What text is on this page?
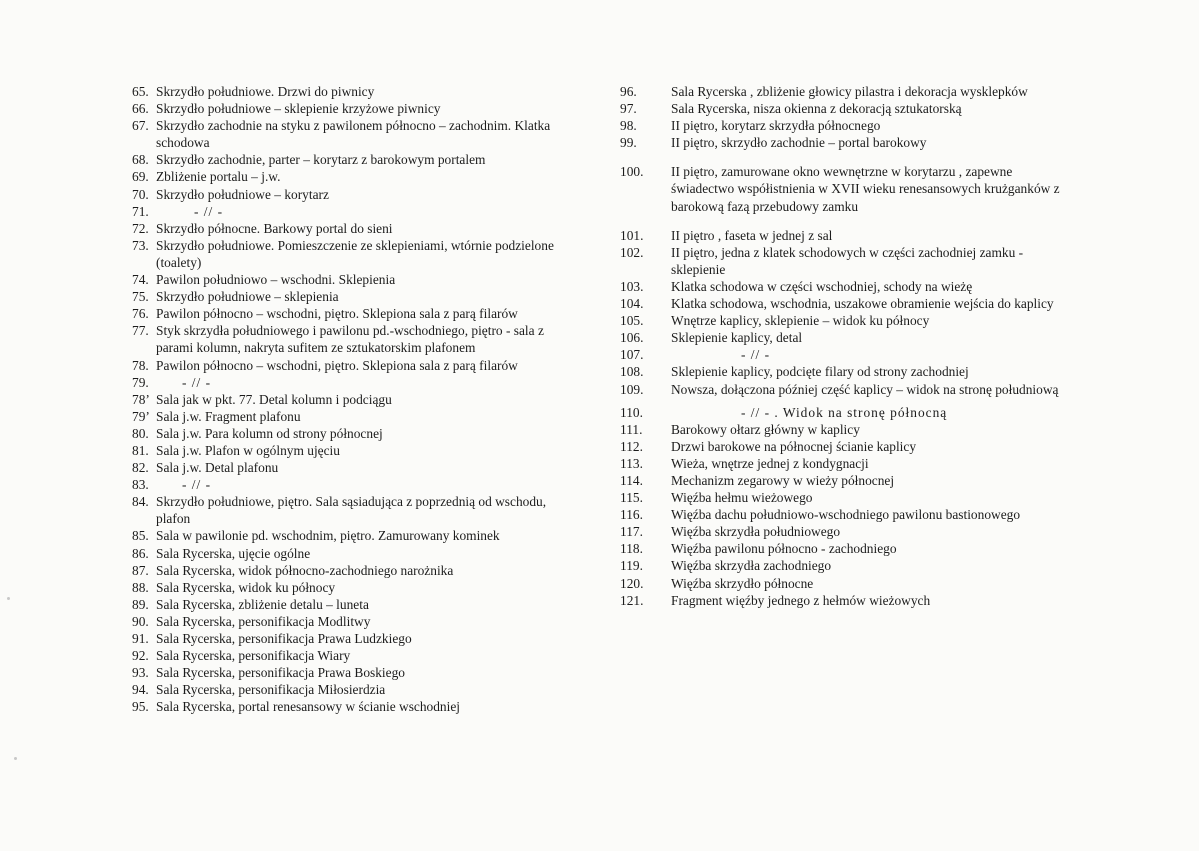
65. Skrzydło południowe. Drzwi do piwnicy
66. Skrzydło południowe – sklepienie krzyżowe piwnicy
67. Skrzydło zachodnie na styku z pawilonem północno – zachodnim. Klatka schodowa
68. Skrzydło zachodnie, parter – korytarz z barokowym portalem
69. Zbliżenie portalu – j.w.
70. Skrzydło południowe – korytarz
71.	- // -
72. Skrzydło północne. Barkowy portal do sieni
73. Skrzydło południowe. Pomieszczenie ze sklepieniami, wtórnie podzielone (toalety)
74. Pawilon południowo – wschodni. Sklepienia
75. Skrzydło południowe – sklepienia
76. Pawilon północno – wschodni, piętro. Sklepiona sala z parą filarów
77. Styk skrzydła południowego i pawilonu pd.-wschodniego, piętro - sala z parami kolumn, nakryta sufitem ze sztukatorskim plafonem
78. Pawilon północno – wschodni, piętro. Sklepiona sala z parą filarów
79.	- // -
78’ Sala jak w pkt. 77. Detal kolumn i podciągu
79’ Sala j.w. Fragment plafonu
80. Sala j.w. Para kolumn od strony północnej
81. Sala j.w. Plafon w ogólnym ujęciu
82. Sala j.w. Detal plafonu
83.	- // -
84. Skrzydło południowe, piętro. Sala sąsiadująca z poprzednią od wschodu, plafon
85. Sala w pawilonie pd. wschodnim, piętro. Zamurowany kominek
86. Sala Rycerska, ujęcie ogólne
87. Sala Rycerska, widok północno-zachodniego narożnika
88. Sala Rycerska, widok ku północy
89. Sala Rycerska, zbliżenie detalu – luneta
90. Sala Rycerska, personifikacja Modlitwy
91. Sala Rycerska, personifikacja Prawa Ludzkiego
92. Sala Rycerska, personifikacja Wiary
93. Sala Rycerska, personifikacja Prawa Boskiego
94. Sala Rycerska, personifikacja Miłosierdzia
95. Sala Rycerska, portal renesansowy w ścianie wschodniej
96.	Sala Rycerska , zbliżenie głowicy pilastra i dekoracja wysklepków
97.	Sala Rycerska, nisza okienna z dekoracją sztukatorską
98.	II piętro, korytarz skrzydła północnego
99.	II piętro, skrzydło zachodnie – portal barokowy
100.	II piętro, zamurowane okno wewnętrzne w korytarzu , zapewne świadectwo współistnienia w XVII wieku renesansowych krużganków z barokową fazą przebudowy zamku
101.	II piętro , faseta w jednej z sal
102.	II piętro, jedna z klatek schodowych w części zachodniej zamku - sklepienie
103.	Klatka schodowa w części wschodniej, schody na wieżę
104.	Klatka schodowa, wschodnia, uszakowe obramienie wejścia do kaplicy
105.	Wnętrze kaplicy, sklepienie – widok ku północy
106.	Sklepienie kaplicy, detal
107.	- // -
108.	Sklepienie kaplicy, podcięte filary od strony zachodniej
109.	Nowsza, dołączona później część kaplicy – widok na stronę południową
110.	- // - . Widok na stronę północną
111.	Barokowy ołtarz główny w kaplicy
112.	Drzwi barokowe na północnej ścianie kaplicy
113.	Wieża, wnętrze jednej z kondygnacji
114.	Mechanizm zegarowy w wieży północnej
115.	Więźba hełmu wieżowego
116.	Więźba dachu południowo-wschodniego pawilonu bastionowego
117.	Więźba skrzydła południowego
118.	Więźba pawilonu północno - zachodniego
119.	Więźba skrzydła zachodniego
120.	Więźba skrzydło północne
121.	Fragment więźby jednego z hełmów wieżowych
